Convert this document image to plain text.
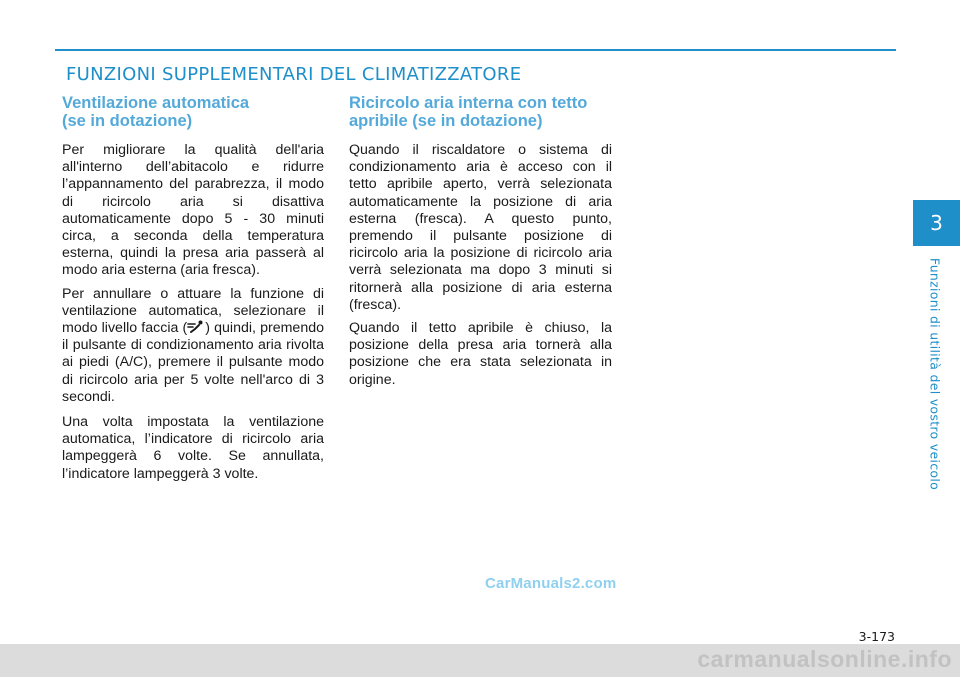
FUNZIONI SUPPLEMENTARI DEL CLIMATIZZATORE
Ventilazione automatica
(se in dotazione)

Per migliorare la qualità dell'aria all'interno dell’abitacolo e ridurre l’appannamento del parabrezza, il modo di ricircolo aria si disattiva automaticamente dopo 5 - 30 minuti circa, a seconda della temperatura esterna, quindi la presa aria passerà al modo aria esterna (aria fresca).

Per annullare o attuare la funzione di ventilazione automatica, selezionare il modo livello faccia ( ) quindi, premendo il pulsante di condizionamento aria rivolta ai piedi (A/C), premere il pulsante modo di ricircolo aria per 5 volte nell'arco di 3 secondi.

Una volta impostata la ventilazione automatica, l’indicatore di ricircolo aria lampeggerà 6 volte. Se annullata, l’indicatore lampeggerà 3 volte.

Ricircolo aria interna con tetto
apribile (se in dotazione)

Quando il riscaldatore o sistema di condizionamento aria è acceso con il tetto apribile aperto, verrà selezionata automaticamente la posizione di aria esterna (fresca). A questo punto, premendo il pulsante posizione di ricircolo aria la posizione di ricircolo aria verrà selezionata ma dopo 3 minuti si ritornerà alla posizione di aria esterna (fresca).

Quando il tetto apribile è chiuso, la posizione della presa aria tornerà alla posizione che era stata selezionata in origine.

3
Funzioni di utilità del vostro veicolo
3-173
CarManuals2.com
carmanualsonline.info
